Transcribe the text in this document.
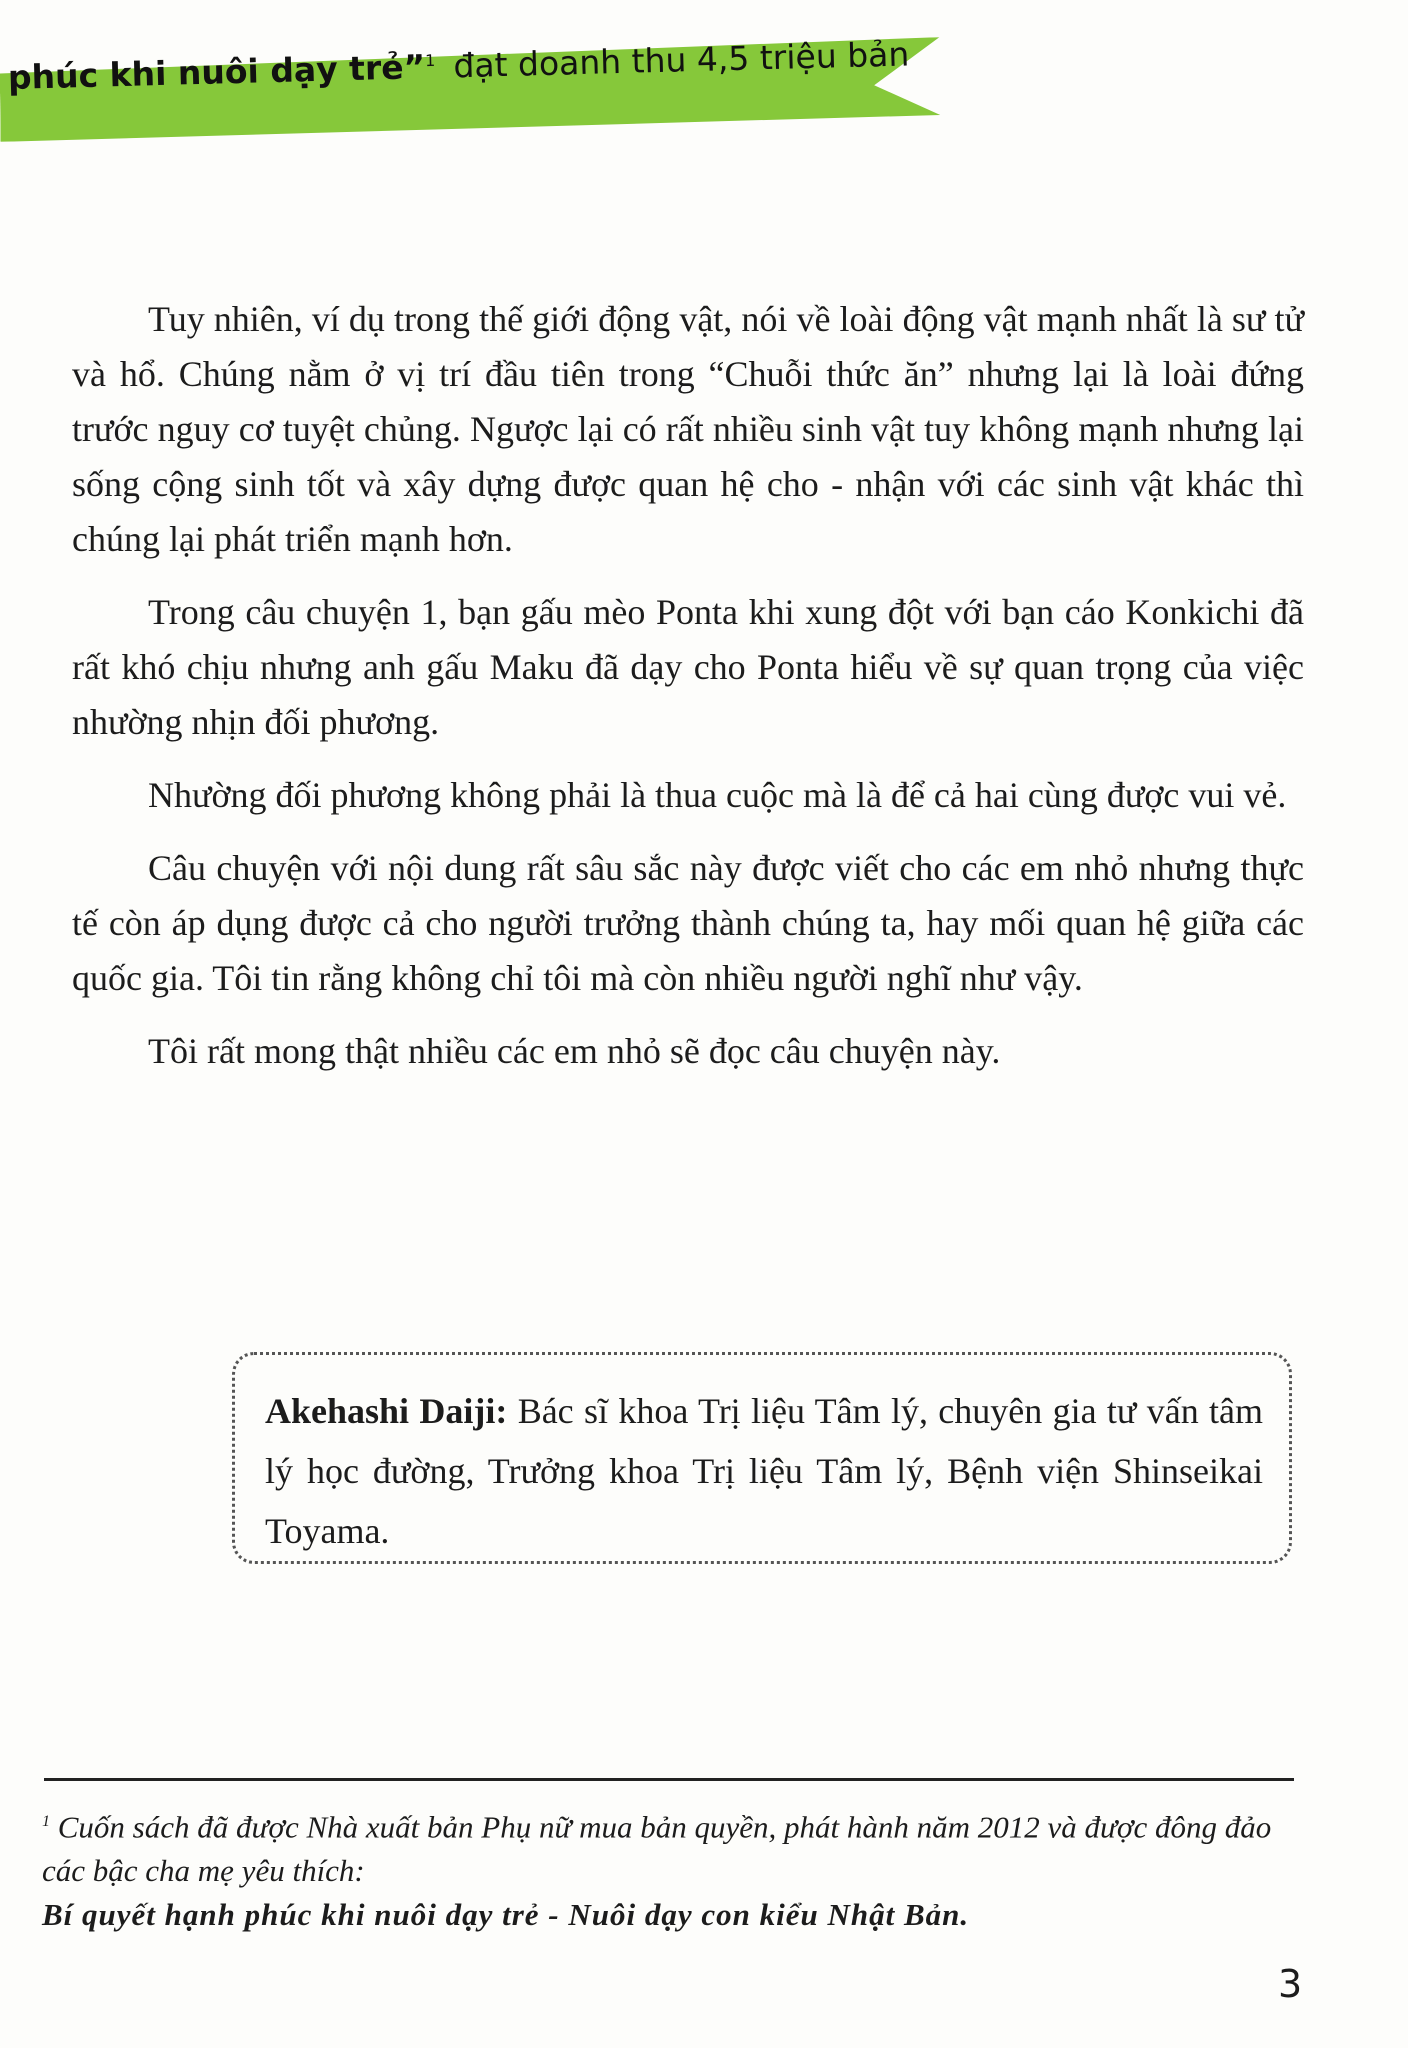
phúc khi nuôi dạy trẻ”$^1$ đạt doanh thu 4,5 triệu bản

Tuy nhiên, ví dụ trong thế giới động vật, nói về loài động vật mạnh nhất là sư tử và hổ. Chúng nằm ở vị trí đầu tiên trong “Chuỗi thức ăn” nhưng lại là loài đứng trước nguy cơ tuyệt chủng. Ngược lại có rất nhiều sinh vật tuy không mạnh nhưng lại sống cộng sinh tốt và xây dựng được quan hệ cho - nhận với các sinh vật khác thì chúng lại phát triển mạnh hơn.

Trong câu chuyện 1, bạn gấu mèo Ponta khi xung đột với bạn cáo Konkichi đã rất khó chịu nhưng anh gấu Maku đã dạy cho Ponta hiểu về sự quan trọng của việc nhường nhịn đối phương.

Nhường đối phương không phải là thua cuộc mà là để cả hai cùng được vui vẻ.

Câu chuyện với nội dung rất sâu sắc này được viết cho các em nhỏ nhưng thực tế còn áp dụng được cả cho người trưởng thành chúng ta, hay mối quan hệ giữa các quốc gia. Tôi tin rằng không chỉ tôi mà còn nhiều người nghĩ như vậy.

Tôi rất mong thật nhiều các em nhỏ sẽ đọc câu chuyện này.

Akehashi Daiji: Bác sĩ khoa Trị liệu Tâm lý, chuyên gia tư vấn tâm lý học đường, Trưởng khoa Trị liệu Tâm lý, Bệnh viện Shinseikai Toyama.
$^1$ Cuốn sách đã được Nhà xuất bản Phụ nữ mua bản quyền, phát hành năm 2012 và được đông đảo các bậc cha mẹ yêu thích:
Bí quyết hạnh phúc khi nuôi dạy trẻ - Nuôi dạy con kiểu Nhật Bản.
3
